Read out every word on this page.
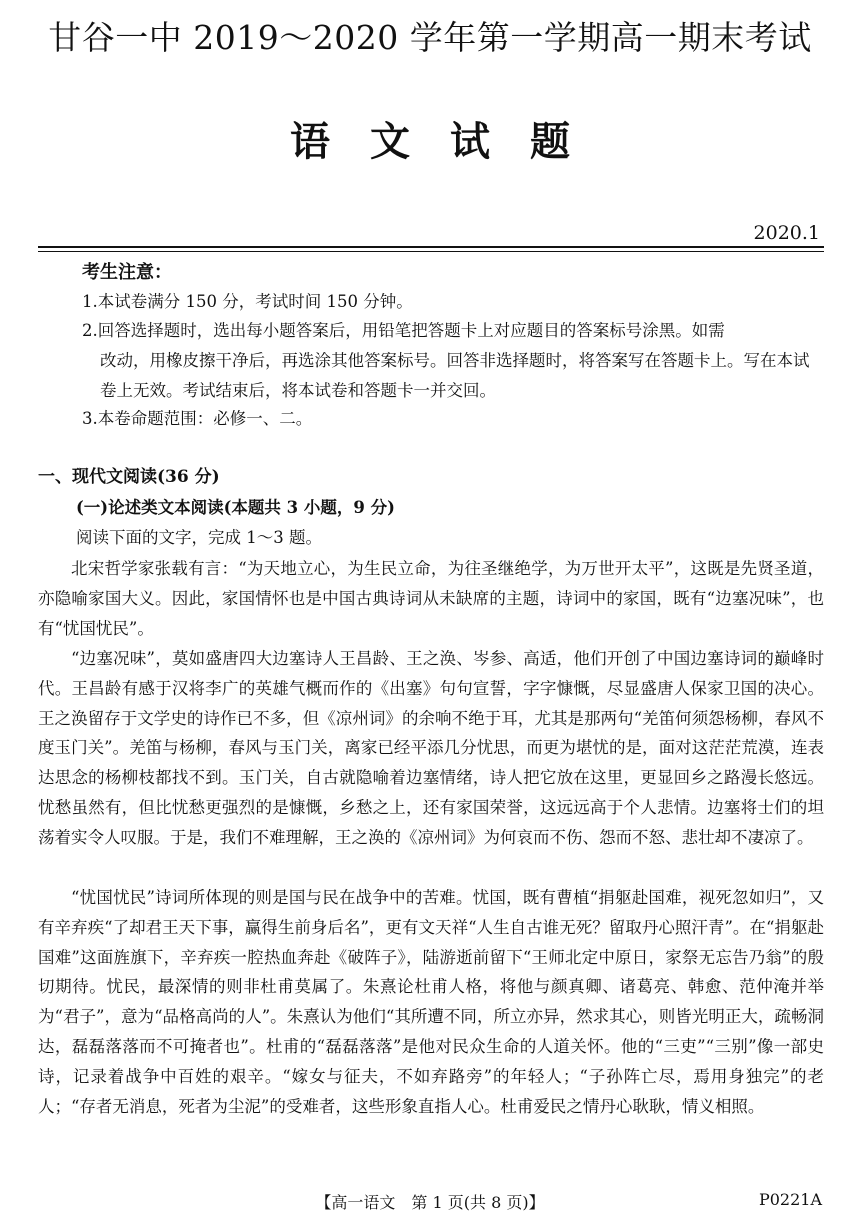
甘谷一中 2019～2020 学年第一学期高一期末考试
语文试题
2020.1
考生注意：
1.本试卷满分 150 分，考试时间 150 分钟。
2.回答选择题时，选出每小题答案后，用铅笔把答题卡上对应题目的答案标号涂黑。如需
改动，用橡皮擦干净后，再选涂其他答案标号。回答非选择题时，将答案写在答题卡上。写在本试卷上无效。考试结束后，将本试卷和答题卡一并交回。
3.本卷命题范围：必修一、二。
一、现代文阅读(36 分)
(一)论述类文本阅读(本题共 3 小题，9 分)
阅读下面的文字，完成 1～3 题。

北宋哲学家张载有言：“为天地立心，为生民立命，为往圣继绝学，为万世开太平”，这既是先贤圣道，亦隐喻家国大义。因此，家国情怀也是中国古典诗词从未缺席的主题，诗词中的家国，既有“边塞况味”，也有“忧国忧民”。

“边塞况味”，莫如盛唐四大边塞诗人王昌龄、王之涣、岑参、高适，他们开创了中国边塞诗词的巅峰时代。王昌龄有感于汉将李广的英雄气概而作的《出塞》句句宣誓，字字慷慨，尽显盛唐人保家卫国的决心。王之涣留存于文学史的诗作已不多，但《凉州词》的余响不绝于耳，尤其是那两句“羌笛何须怨杨柳，春风不度玉门关”。羌笛与杨柳，春风与玉门关，离家已经平添几分忧思，而更为堪忧的是，面对这茫茫荒漠，连表达思念的杨柳枝都找不到。玉门关，自古就隐喻着边塞情绪，诗人把它放在这里，更显回乡之路漫长悠远。忧愁虽然有，但比忧愁更强烈的是慷慨，乡愁之上，还有家国荣誉，这远远高于个人悲情。边塞将士们的坦荡着实令人叹服。于是，我们不难理解，王之涣的《凉州词》为何哀而不伤、怨而不怒、悲壮却不凄凉了。

“忧国忧民”诗词所体现的则是国与民在战争中的苦难。忧国，既有曹植“捐躯赴国难，视死忽如归”，又有辛弃疾“了却君王天下事，赢得生前身后名”，更有文天祥“人生自古谁无死？留取丹心照汗青”。在“捐躯赴国难”这面旌旗下，辛弃疾一腔热血奔赴《破阵子》，陆游逝前留下“王师北定中原日，家祭无忘告乃翁”的殷切期待。忧民，最深情的则非杜甫莫属了。朱熹论杜甫人格，将他与颜真卿、诸葛亮、韩愈、范仲淹并举为“君子”，意为“品格高尚的人”。朱熹认为他们“其所遭不同，所立亦异，然求其心，则皆光明正大，疏畅洞达，磊磊落落而不可掩者也”。杜甫的“磊磊落落”是他对民众生命的人道关怀。他的“三吏”“三别”像一部史诗，记录着战争中百姓的艰辛。“嫁女与征夫，不如弃路旁”的年轻人；“子孙阵亡尽，焉用身独完”的老人；“存者无消息，死者为尘泥”的受难者，这些形象直指人心。杜甫爱民之情丹心耿耿，情义相照。

【高一语文　第 1 页(共 8 页)】	P0221A
